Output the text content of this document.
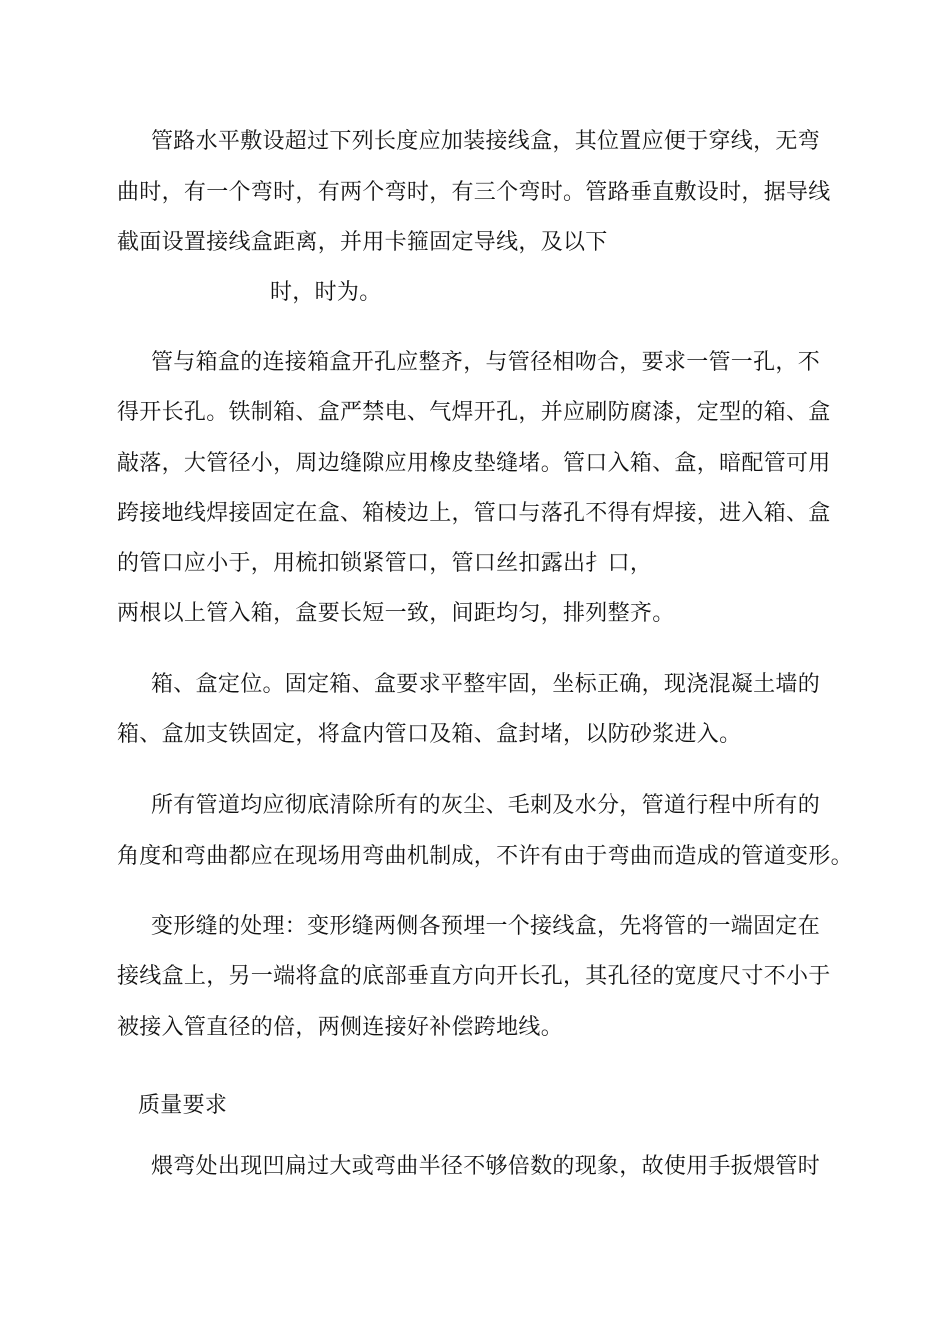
管路水平敷设超过下列长度应加装接线盒，其位置应便于穿线，无弯
曲时，有一个弯时，有两个弯时，有三个弯时。管路垂直敷设时，据导线
截面设置接线盒距离，并用卡箍固定导线，及以下
时，时为。
管与箱盒的连接箱盒开孔应整齐，与管径相吻合，要求一管一孔，不
得开长孔。铁制箱、盒严禁电、气焊开孔，并应刷防腐漆，定型的箱、盒
敲落，大管径小，周边缝隙应用橡皮垫缝堵。管口入箱、盒，暗配管可用
跨接地线焊接固定在盒、箱棱边上，管口与落孔不得有焊接，进入箱、盒
的管口应小于，用梳扣锁紧管口，管口丝扣露出扌口，
两根以上管入箱，盒要长短一致，间距均匀，排列整齐。
箱、盒定位。固定箱、盒要求平整牢固，坐标正确，现浇混凝土墙的
箱、盒加支铁固定，将盒内管口及箱、盒封堵，以防砂浆进入。
所有管道均应彻底清除所有的灰尘、毛刺及水分，管道行程中所有的
角度和弯曲都应在现场用弯曲机制成，不许有由于弯曲而造成的管道变形。
变形缝的处理：变形缝两侧各预埋一个接线盒，先将管的一端固定在
接线盒上，另一端将盒的底部垂直方向开长孔，其孔径的宽度尺寸不小于
被接入管直径的倍，两侧连接好补偿跨地线。
质量要求
煨弯处出现凹扁过大或弯曲半径不够倍数的现象，故使用手扳煨管时
